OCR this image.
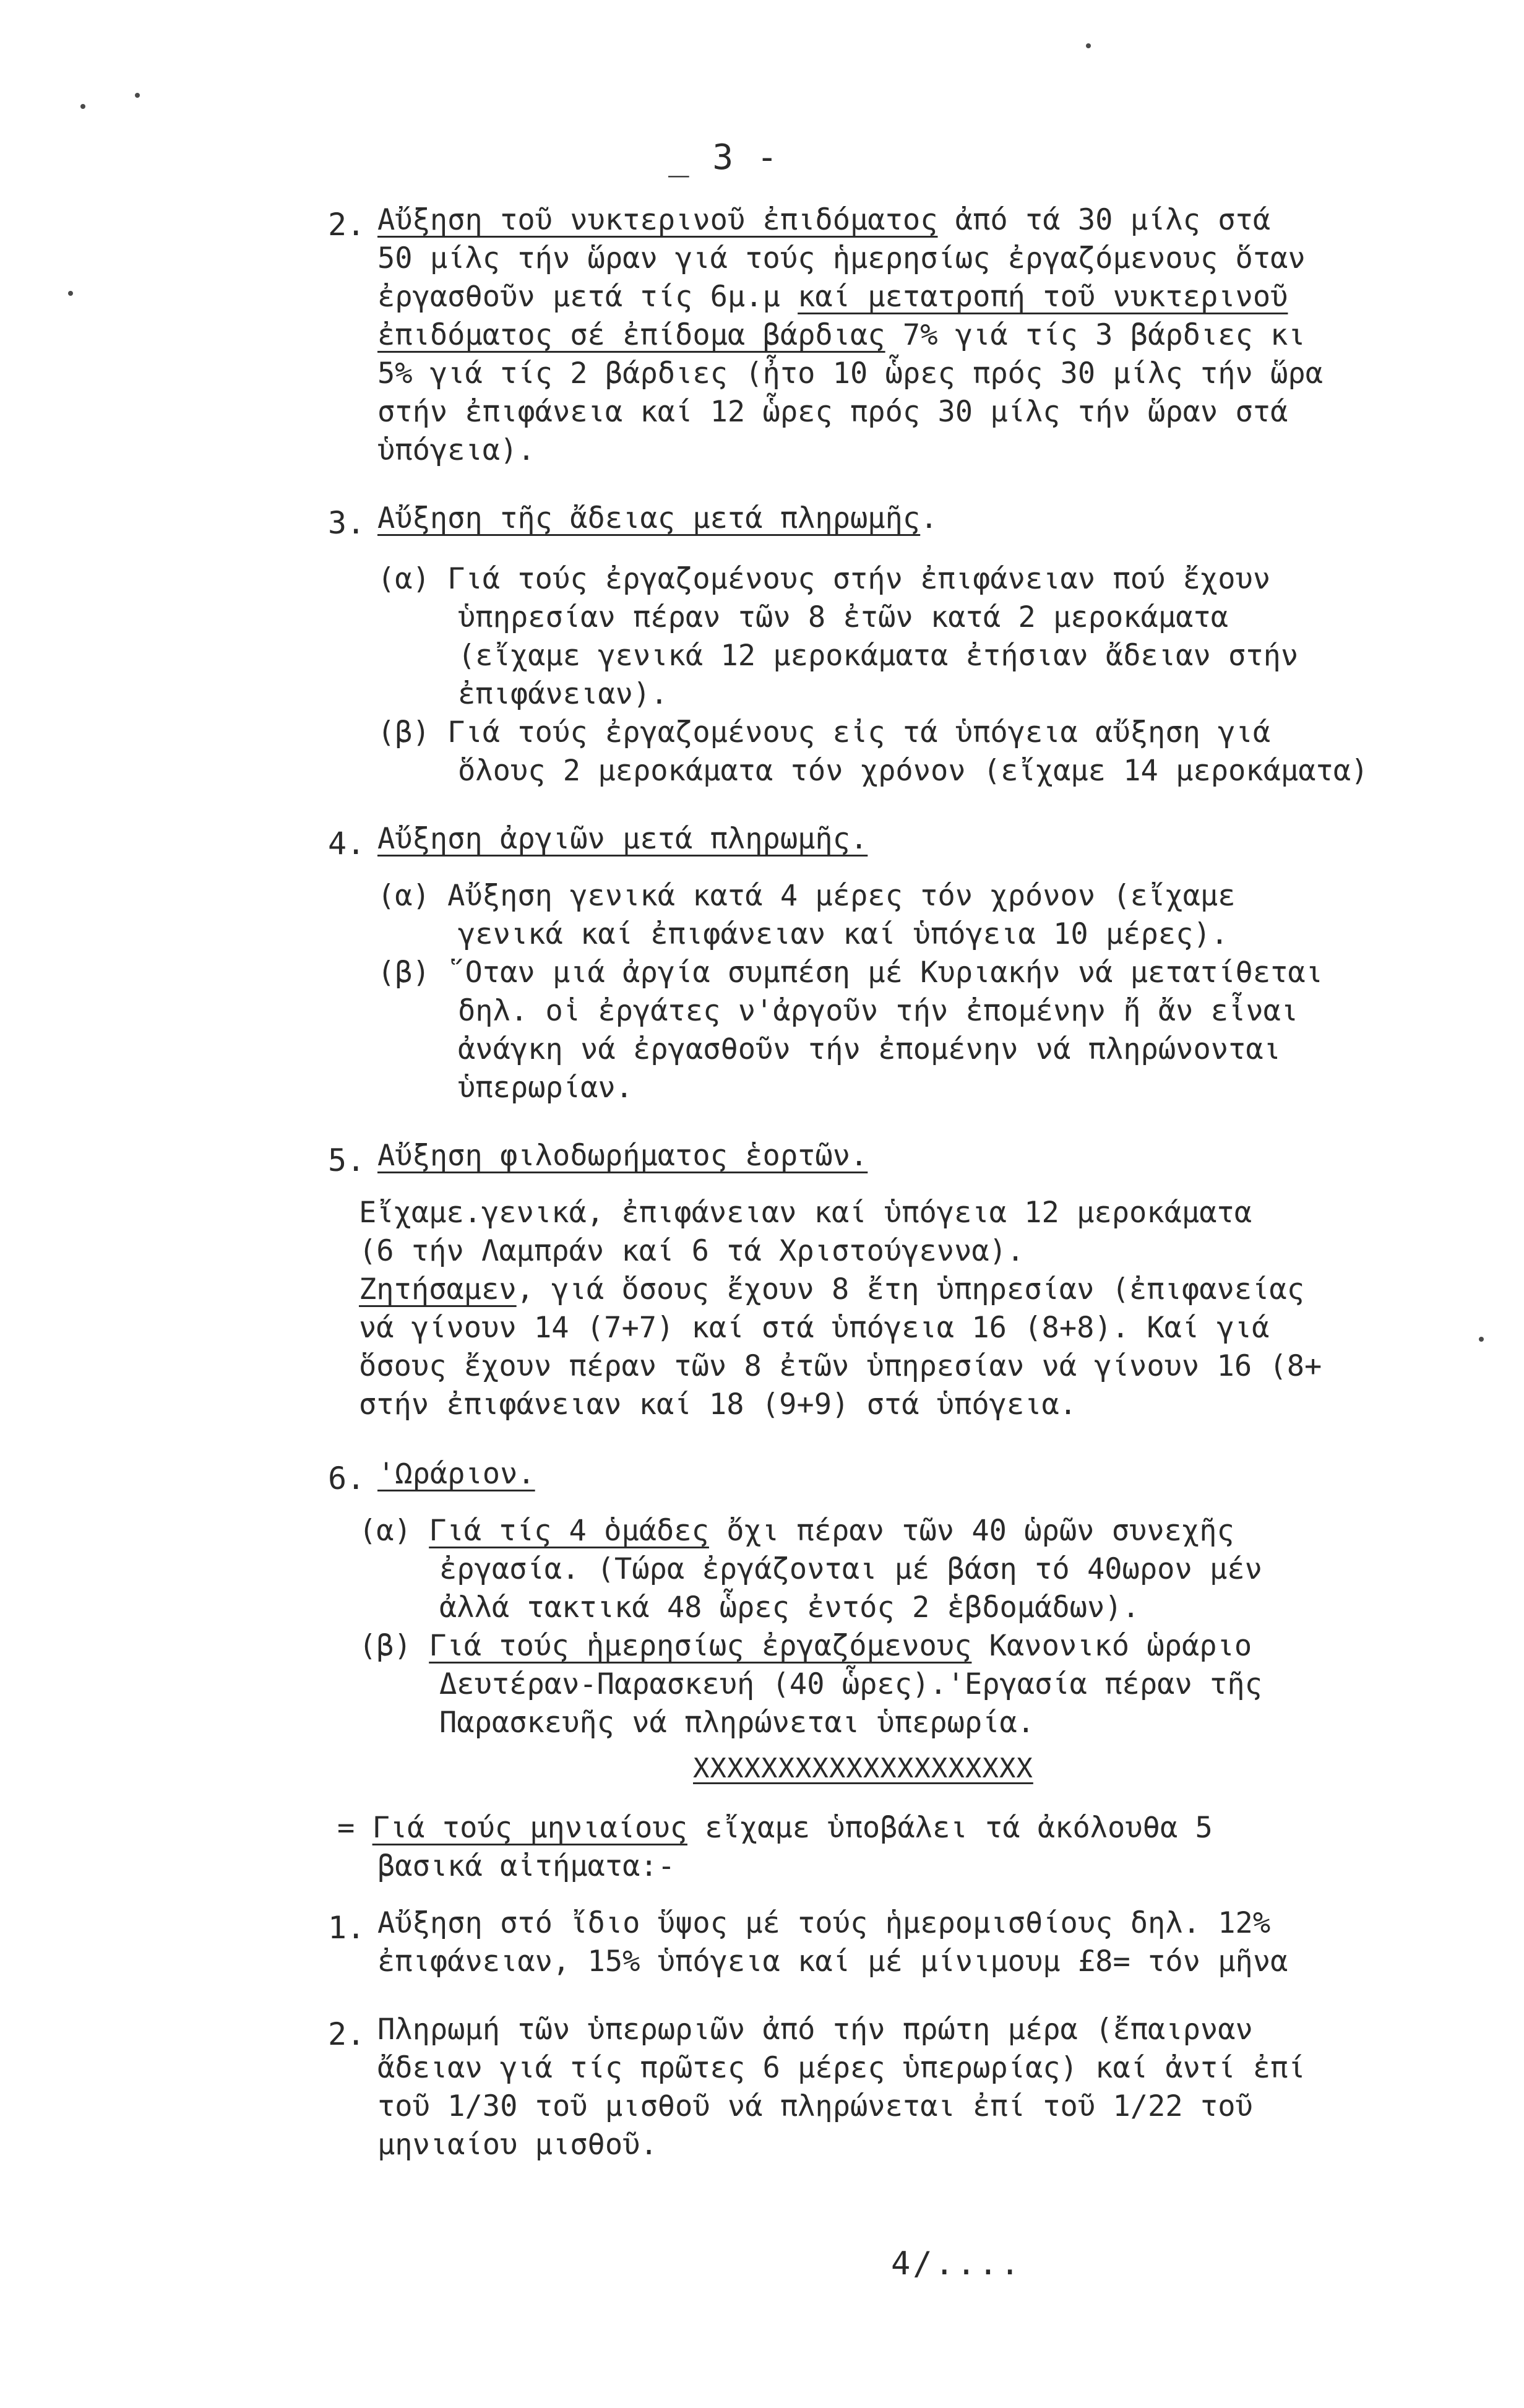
_ 3 -
2. Αὔξηση τοῦ νυκτερινοῦ ἐπιδόματος ἀπό τά 30 μίλς στά
50 μίλς τήν ὥραν γιά τούς ἡμερησίως ἐργαζόμενους ὅταν
ἐργασθοῦν μετά τίς 6μ.μ καί μετατροπή τοῦ νυκτερινοῦ
ἐπιδόματος σέ ἐπίδομα βάρδιας 7% γιά τίς 3 βάρδιες κι
5% γιά τίς 2 βάρδιες (ἦτο 10 ὧρες πρός 30 μίλς τήν ὥρα
στήν ἐπιφάνεια καί 12 ὧρες πρός 30 μίλς τήν ὥραν στά
ὑπόγεια).
3. Αὔξηση τῆς ἄδειας μετά πληρωμῆς.
(α) Γιά τούς ἐργαζομένους στήν ἐπιφάνειαν πού ἔχουν
ὑπηρεσίαν πέραν τῶν 8 ἐτῶν κατά 2 μεροκάματα
(εἴχαμε γενικά 12 μεροκάματα ἐτήσιαν ἄδειαν στήν
ἐπιφάνειαν).
(β) Γιά τούς ἐργαζομένους εἰς τά ὑπόγεια αὔξηση γιά
ὅλους 2 μεροκάματα τόν χρόνον (εἴχαμε 14 μεροκάματα)
4. Αὔξηση ἀργιῶν μετά πληρωμῆς.
(α) Αὔξηση γενικά κατά 4 μέρες τόν χρόνον (εἴχαμε
γενικά καί ἐπιφάνειαν καί ὑπόγεια 10 μέρες).
(β) ῞Οταν μιά ἀργία συμπέση μέ Κυριακήν νά μετατίθεται
δηλ. οἱ ἐργάτες ν'ἀργοῦν τήν ἐπομένην ἤ ἄν εἶναι
ἀνάγκη νά ἐργασθοῦν τήν ἐπομένην νά πληρώνονται
ὑπερωρίαν.
5. Αὔξηση φιλοδωρήματος ἑορτῶν.
Εἴχαμε.γενικά, ἐπιφάνειαν καί ὑπόγεια 12 μεροκάματα
(6 τήν Λαμπράν καί 6 τά Χριστούγεννα).
Ζητήσαμεν, γιά ὅσους ἔχουν 8 ἔτη ὑπηρεσίαν (ἐπιφανείας
νά γίνουν 14 (7+7) καί στά ὑπόγεια 16 (8+8). Καί γιά
ὅσους ἔχουν πέραν τῶν 8 ἐτῶν ὑπηρεσίαν νά γίνουν 16 (8+
στήν ἐπιφάνειαν καί 18 (9+9) στά ὑπόγεια.
6. 'Ωράριον.
(α) Γιά τίς 4 ὁμάδες ὄχι πέραν τῶν 40 ὡρῶν συνεχῆς
ἐργασία. (Τώρα ἐργάζονται μέ βάση τό 40ωρον μέν
ἀλλά τακτικά 48 ὧρες ἐντός 2 ἑβδομάδων).
(β) Γιά τούς ἡμερησίως ἐργαζόμενους Κανονικό ὡράριο
Δευτέραν-Παρασκευή (40 ὧρες).'Εργασία πέραν τῆς
Παρασκευῆς νά πληρώνεται ὑπερωρία.
XXXXXXXXXXXXXXXXXXXX
= Γιά τούς μηνιαίους εἴχαμε ὑποβάλει τά ἀκόλουθα 5
βασικά αἰτήματα:-
1. Αὔξηση στό ἴδιο ὕψος μέ τούς ἡμερομισθίους δηλ. 12%
ἐπιφάνειαν, 15% ὑπόγεια καί μέ μίνιμουμ £8= τόν μῆνα
2. Πληρωμή τῶν ὑπερωριῶν ἀπό τήν πρώτη μέρα (ἔπαιρναν
ἄδειαν γιά τίς πρῶτες 6 μέρες ὑπερωρίας) καί ἀντί ἐπί
τοῦ 1/30 τοῦ μισθοῦ νά πληρώνεται ἐπί τοῦ 1/22 τοῦ
μηνιαίου μισθοῦ.
4/....
